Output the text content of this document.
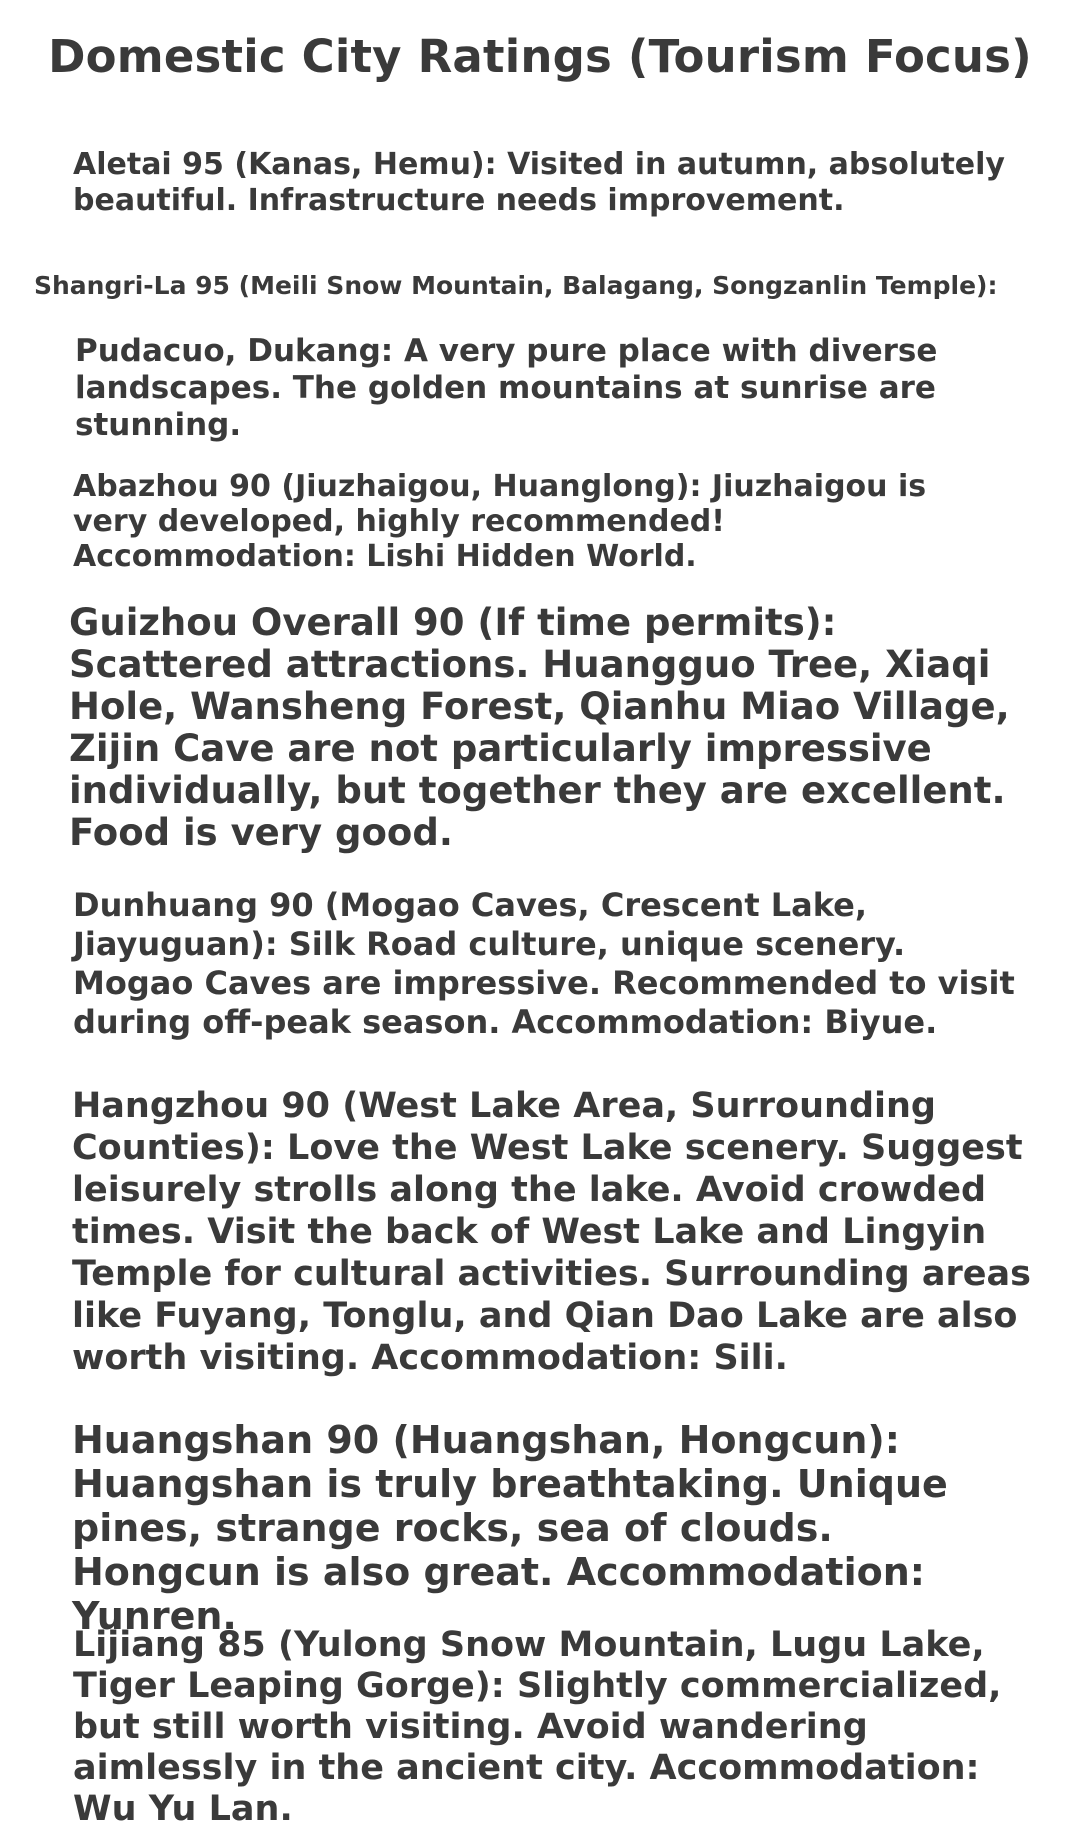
Domestic City Ratings (Tourism Focus)

Aletai 95 (Kanas, Hemu): Visited in autumn, absolutely beautiful. Infrastructure needs improvement.

Shangri-La 95 (Meili Snow Mountain, Balagang, Songzanlin Temple):

Pudacuo, Dukang: A very pure place with diverse landscapes. The golden mountains at sunrise are stunning.

Abazhou 90 (Jiuzhaigou, Huanglong): Jiuzhaigou is very developed, highly recommended! Accommodation: Lishi Hidden World.

Guizhou Overall 90 (If time permits): Scattered attractions. Huangguo Tree, Xiaqi Hole, Wansheng Forest, Qianhu Miao Village, Zijin Cave are not particularly impressive individually, but together they are excellent. Food is very good.

Dunhuang 90 (Mogao Caves, Crescent Lake, Jiayuguan): Silk Road culture, unique scenery. Mogao Caves are impressive. Recommended to visit during off-peak season. Accommodation: Biyue.

Hangzhou 90 (West Lake Area, Surrounding Counties): Love the West Lake scenery. Suggest leisurely strolls along the lake. Avoid crowded times. Visit the back of West Lake and Lingyin Temple for cultural activities. Surrounding areas like Fuyang, Tonglu, and Qian Dao Lake are also worth visiting. Accommodation: Sili.

Huangshan 90 (Huangshan, Hongcun): Huangshan is truly breathtaking. Unique pines, strange rocks, sea of clouds. Hongcun is also great. Accommodation: Yunren.

Lijiang 85 (Yulong Snow Mountain, Lugu Lake, Tiger Leaping Gorge): Slightly commercialized, but still worth visiting. Avoid wandering aimlessly in the ancient city. Accommodation: Wu Yu Lan.
